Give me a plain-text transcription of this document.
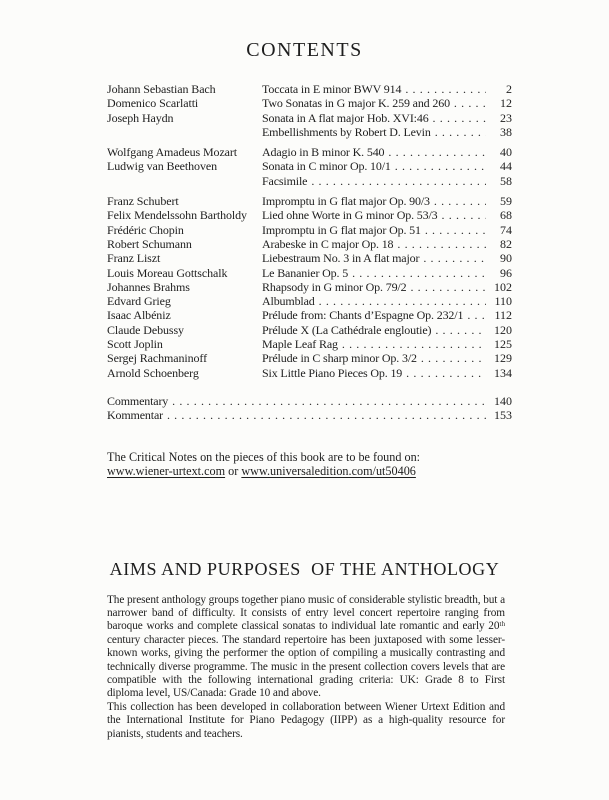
CONTENTS
Johann Sebastian Bach	Toccata in E minor BWV 914 .....	2
Domenico Scarlatti	Two Sonatas in G major K. 259 and 260 .....	12
Joseph Haydn	Sonata in A flat major Hob. XVI:46 .....	23
Embellishments by Robert D. Levin .....	38
Wolfgang Amadeus Mozart	Adagio in B minor K. 540 .....	40
Ludwig van Beethoven	Sonata in C minor Op. 10/1 .....	44
Facsimile .....	58
Franz Schubert	Impromptu in G flat major Op. 90/3 .....	59
Felix Mendelssohn Bartholdy	Lied ohne Worte in G minor Op. 53/3 .....	68
Frédéric Chopin	Impromptu in G flat major Op. 51 .....	74
Robert Schumann	Arabeske in C major Op. 18 .....	82
Franz Liszt	Liebestraum No. 3 in A flat major .....	90
Louis Moreau Gottschalk	Le Bananier Op. 5 .....	96
Johannes Brahms	Rhapsody in G minor Op. 79/2 .....	102
Edvard Grieg	Albumblad .....	110
Isaac Albéniz	Prélude from: Chants d’Espagne Op. 232/1 .....	112
Claude Debussy	Prélude X (La Cathédrale engloutie) .....	120
Scott Joplin	Maple Leaf Rag .....	125
Sergej Rachmaninoff	Prélude in C sharp minor Op. 3/2 .....	129
Arnold Schoenberg	Six Little Piano Pieces Op. 19 .....	134
Commentary .....	140
Kommentar .....	153
The Critical Notes on the pieces of this book are to be found on:
www.wiener-urtext.com or www.universaledition.com/ut50406
AIMS AND PURPOSES  OF THE ANTHOLOGY

The present anthology groups together piano music of considerable stylistic breadth, but a narrower band of difficulty. It consists of entry level concert repertoire ranging from baroque works and complete classical sonatas to individual late romantic and early 20ᵗʰ century character pieces. The standard repertoire has been juxtaposed with some lesser-known works, giving the performer the option of compiling a musically contrasting and technically diverse programme. The music in the present collection covers levels that are compatible with the following international grading criteria: UK: Grade 8 to First diploma level, US/Canada: Grade 10 and above.

This collection has been developed in collaboration between Wiener Urtext Edition and the International Institute for Piano Pedagogy (IIPP) as a high-quality resource for pianists, students and teachers.
